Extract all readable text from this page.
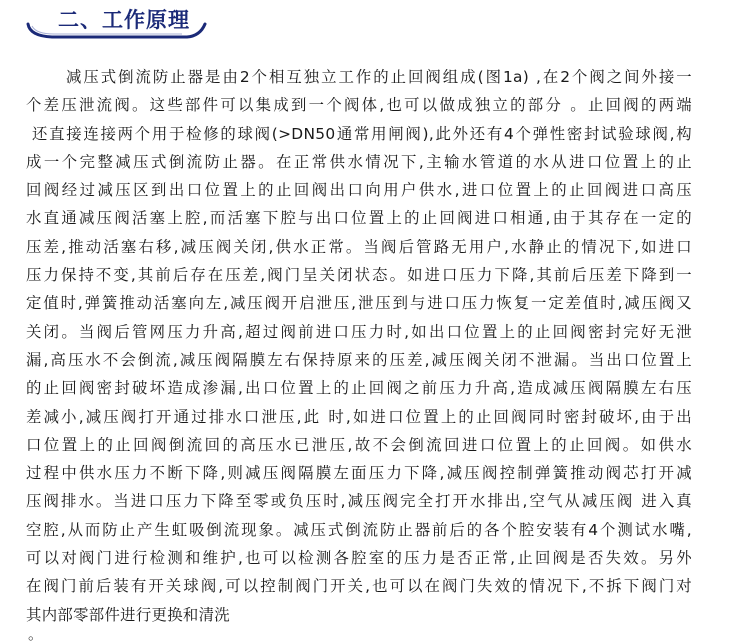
二、工作原理
减压式倒流防止器是由2个相互独立工作的止回阀组成(图1a) ,在2个阀之间外接一
个差压泄流阀。这些部件可以集成到一个阀体,也可以做成独立的部分 。止回阀的两端
还直接连接两个用于检修的球阀(>DN50通常用闸阀),此外还有4个弹性密封试验球阀,构
成一个完整减压式倒流防止器。在正常供水情况下,主输水管道的水从进口位置上的止
回阀经过减压区到出口位置上的止回阀出口向用户供水,进口位置上的止回阀进口高压
水直通减压阀活塞上腔,而活塞下腔与出口位置上的止回阀进口相通,由于其存在一定的
压差,推动活塞右移,减压阀关闭,供水正常。当阀后管路无用户,水静止的情况下,如进口
压力保持不变,其前后存在压差,阀门呈关闭状态。如进口压力下降,其前后压差下降到一
定值时,弹簧推动活塞向左,减压阀开启泄压,泄压到与进口压力恢复一定差值时,减压阀又
关闭。当阀后管网压力升高,超过阀前进口压力时,如出口位置上的止回阀密封完好无泄
漏,高压水不会倒流,减压阀隔膜左右保持原来的压差,减压阀关闭不泄漏。当出口位置上
的止回阀密封破坏造成渗漏,出口位置上的止回阀之前压力升高,造成减压阀隔膜左右压
差减小,减压阀打开通过排水口泄压,此 时,如进口位置上的止回阀同时密封破坏,由于出
口位置上的止回阀倒流回的高压水已泄压,故不会倒流回进口位置上的止回阀。如供水
过程中供水压力不断下降,则减压阀隔膜左面压力下降,减压阀控制弹簧推动阀芯打开减
压阀排水。当进口压力下降至零或负压时,减压阀完全打开水排出,空气从减压阀 进入真
空腔,从而防止产生虹吸倒流现象。减压式倒流防止器前后的各个腔安装有4个测试水嘴,
可以对阀门进行检测和维护,也可以检测各腔室的压力是否正常,止回阀是否失效。另外
在阀门前后装有开关球阀,可以控制阀门开关,也可以在阀门失效的情况下,不拆下阀门对
其内部零部件进行更换和清洗
。
